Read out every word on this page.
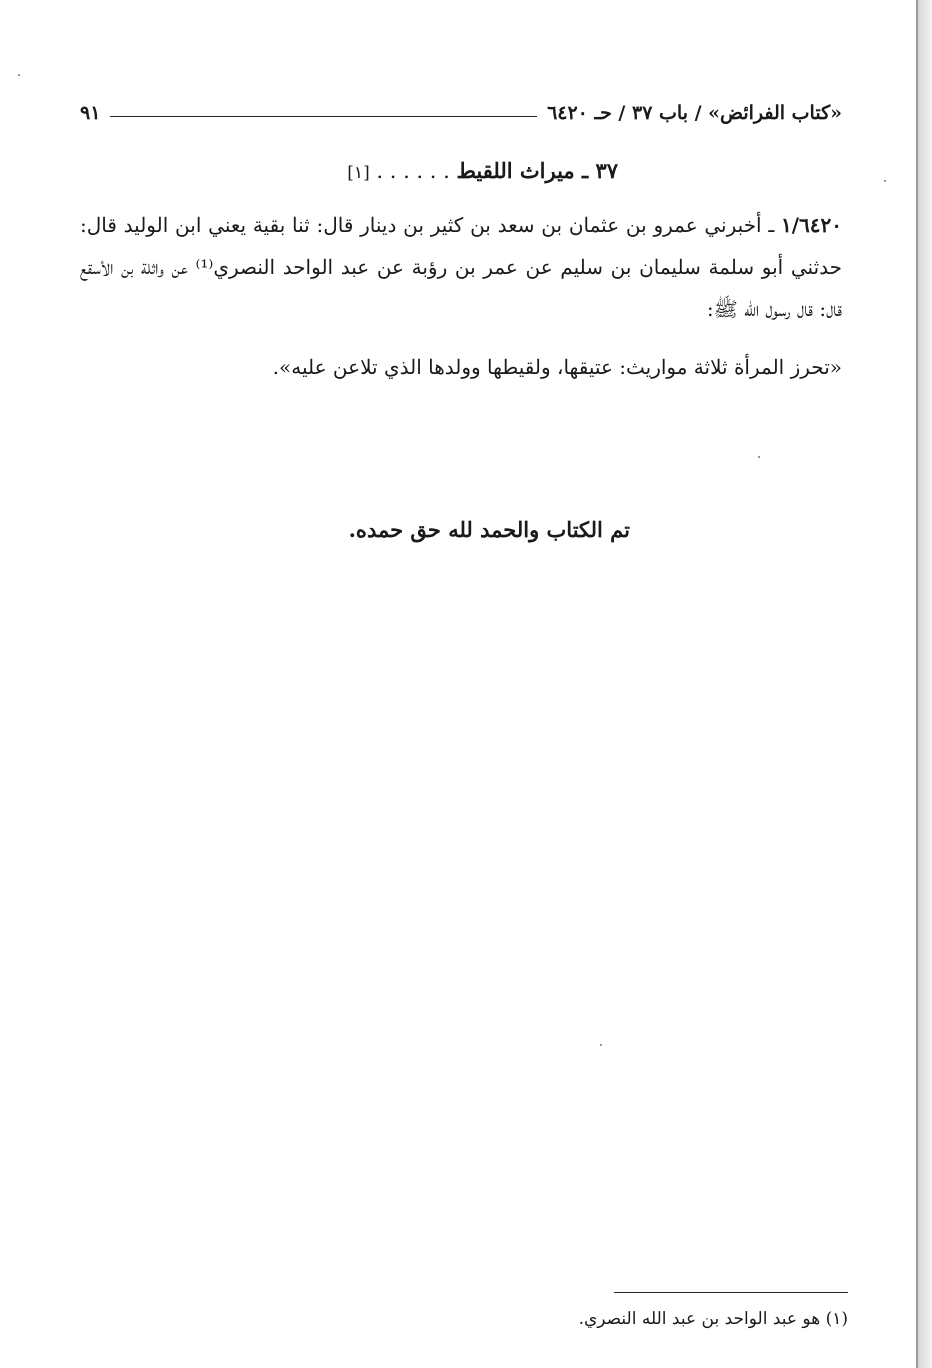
«كتاب الفرائض» / باب ٣٧ / حـ ٦٤٢٠
٩١
٣٧ ـ ميراث اللقيط . . . . . . [١]
١/٦٤٢٠ ـ أخبرني عمرو بن عثمان بن سعد بن كثير بن دينار قال: ثنا بقية يعني ابن الوليد قال: حدثني أبو سلمة سليمان بن سليم عن عمر بن رؤبة عن عبد الواحد النصري⁽¹⁾ عن واثلة بن الأسقع قال: قال رسول الله ﷺ:
«تحرز المرأة ثلاثة مواريث: عتيقها، ولقيطها وولدها الذي تلاعن عليه».
تم الكتاب والحمد لله حق حمده.
(١) هو عبد الواحد بن عبد الله النصري.
